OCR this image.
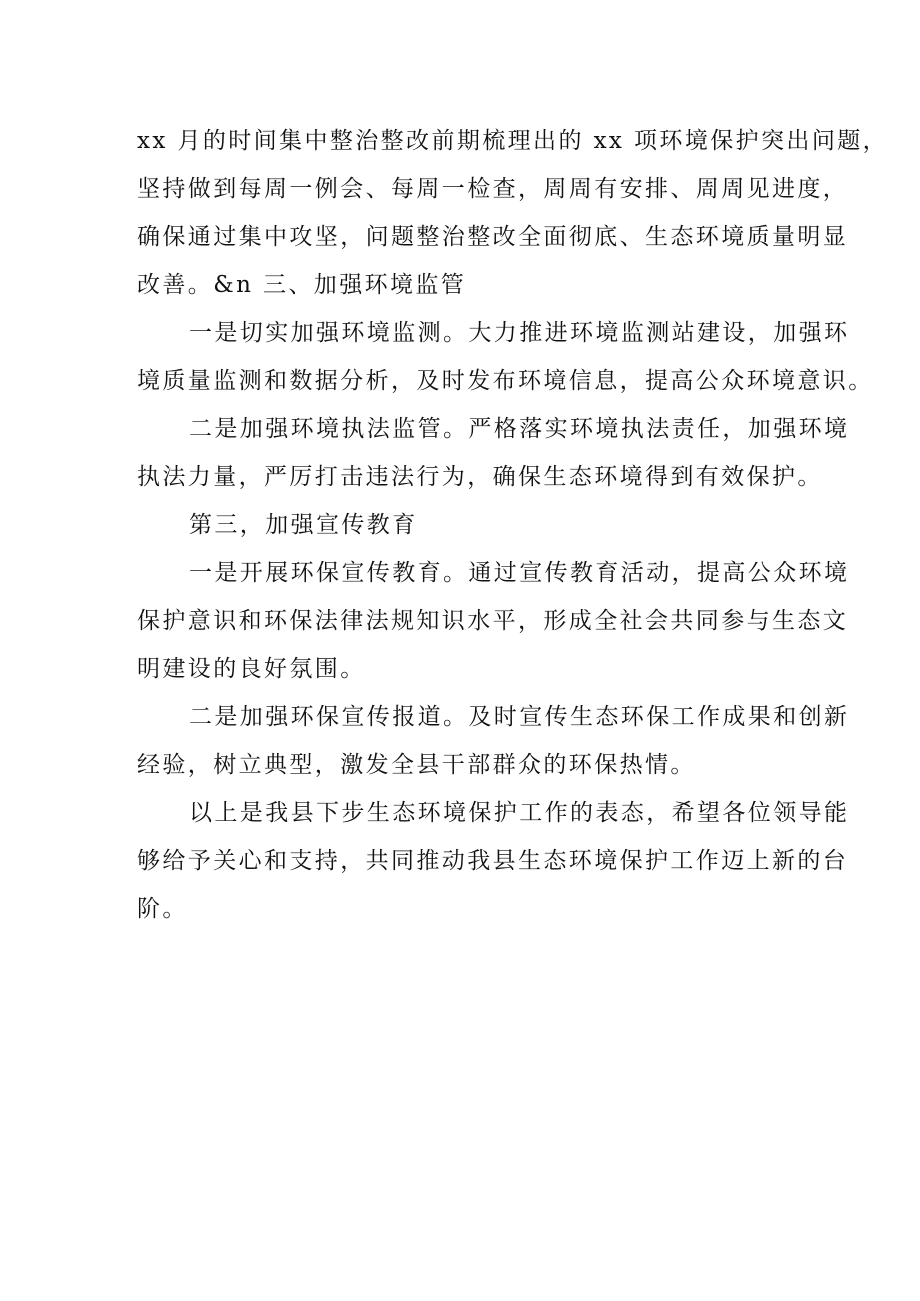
xx 月的时间集中整治整改前期梳理出的 xx 项环境保护突出问题，
坚持做到每周一例会、每周一检查，周周有安排、周周见进度，
确保通过集中攻坚，问题整治整改全面彻底、生态环境质量明显
改善。&n 三、加强环境监管
一是切实加强环境监测。大力推进环境监测站建设，加强环
境质量监测和数据分析，及时发布环境信息，提高公众环境意识。
二是加强环境执法监管。严格落实环境执法责任，加强环境
执法力量，严厉打击违法行为，确保生态环境得到有效保护。
第三，加强宣传教育
一是开展环保宣传教育。通过宣传教育活动，提高公众环境
保护意识和环保法律法规知识水平，形成全社会共同参与生态文
明建设的良好氛围。
二是加强环保宣传报道。及时宣传生态环保工作成果和创新
经验，树立典型，激发全县干部群众的环保热情。
以上是我县下步生态环境保护工作的表态，希望各位领导能
够给予关心和支持，共同推动我县生态环境保护工作迈上新的台
阶。
